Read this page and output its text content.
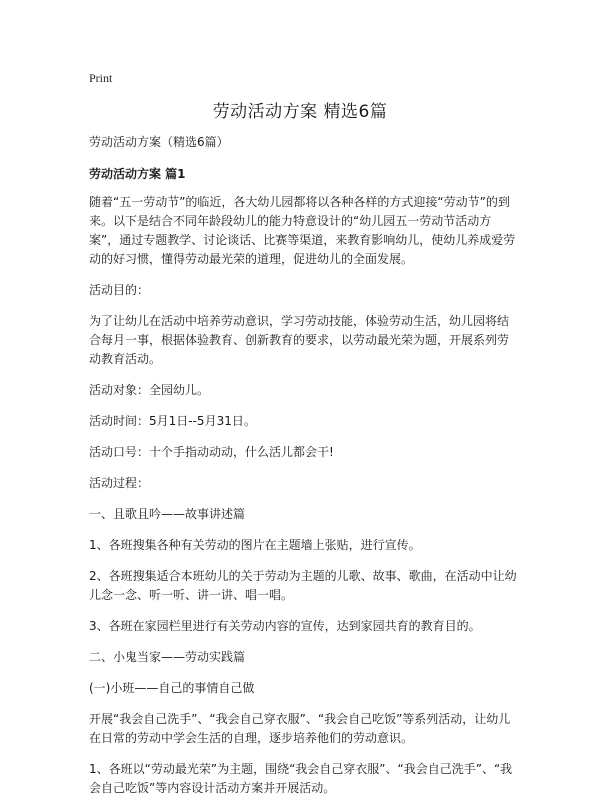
Print
劳动活动方案 精选6篇

劳动活动方案（精选6篇）

劳动活动方案 篇1

随着“五一劳动节”的临近，各大幼儿园都将以各种各样的方式迎接“劳动节”的到来。以下是结合不同年龄段幼儿的能力特意设计的“幼儿园五一劳动节活动方案”，通过专题教学、讨论谈话、比赛等渠道，来教育影响幼儿，使幼儿养成爱劳动的好习惯，懂得劳动最光荣的道理，促进幼儿的全面发展。

活动目的：

为了让幼儿在活动中培养劳动意识，学习劳动技能，体验劳动生活，幼儿园将结合每月一事，根据体验教育、创新教育的要求，以劳动最光荣为题，开展系列劳动教育活动。

活动对象：全园幼儿。

活动时间：5月1日--5月31日。

活动口号：十个手指动动动，什么活儿都会干!

活动过程：

一、且歌且吟——故事讲述篇

1、各班搜集各种有关劳动的图片在主题墙上张贴，进行宣传。

2、各班搜集适合本班幼儿的关于劳动为主题的儿歌、故事、歌曲，在活动中让幼儿念一念、听一听、讲一讲、唱一唱。

3、各班在家园栏里进行有关劳动内容的宣传，达到家园共育的教育目的。

二、小鬼当家——劳动实践篇

(一)小班——自己的事情自己做

开展“我会自己洗手”、“我会自己穿衣服”、“我会自己吃饭”等系列活动，让幼儿在日常的劳动中学会生活的自理，逐步培养他们的劳动意识。

1、各班以“劳动最光荣”为主题，围绕“我会自己穿衣服”、“我会自己洗手”、“我会自己吃饭”等内容设计活动方案并开展活动。
